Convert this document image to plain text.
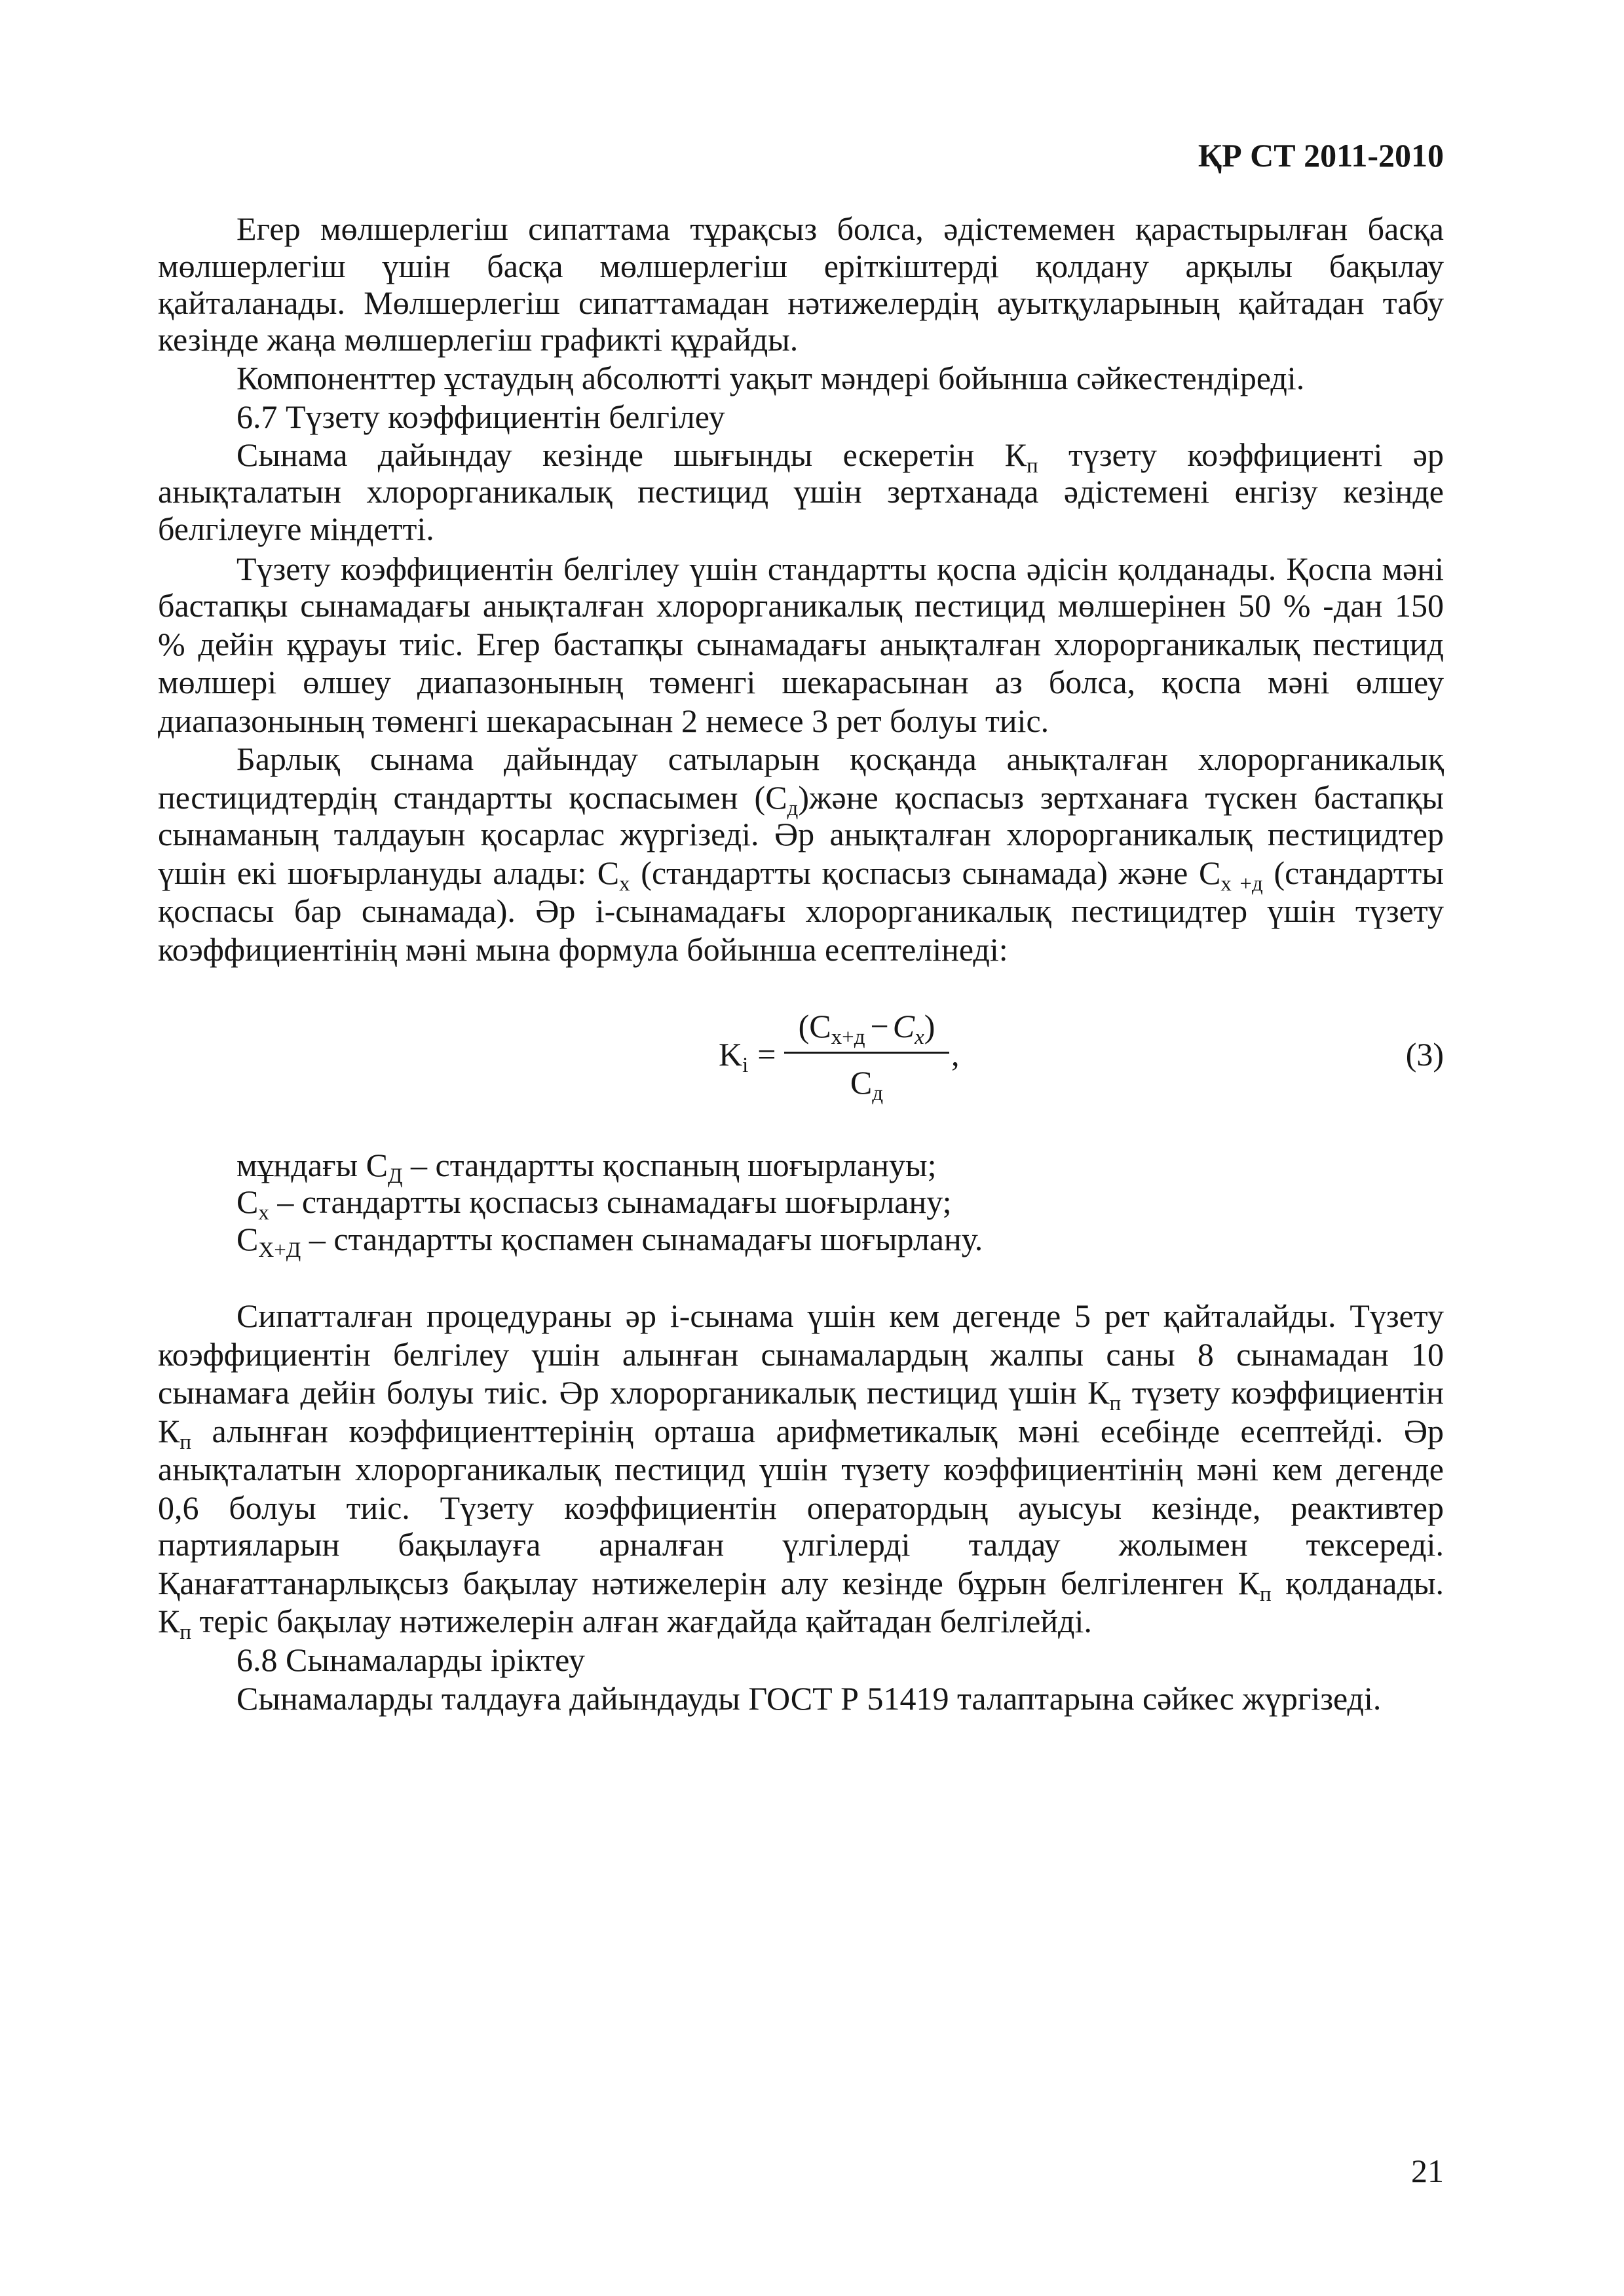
ҚР СТ 2011-2010
Егер мөлшерлегіш сипаттама тұрақсыз болса, әдістемемен қарастырылған басқа
мөлшерлегіш үшін басқа мөлшерлегіш еріткіштерді қолдану арқылы бақылау
қайталанады. Мөлшерлегіш сипаттамадан нәтижелердің ауытқуларының қайтадан табу
кезінде жаңа мөлшерлегіш графикті құрайды.
Компоненттер ұстаудың абсолютті уақыт мәндері бойынша сәйкестендіреді.
6.7 Түзету коэффициентін белгілеу
Сынама дайындау кезінде шығынды ескеретін $К_п$ түзету коэффициенті әр
анықталатын хлорорганикалық пестицид үшін зертханада әдістемені енгізу кезінде
белгілеуге міндетті.
Түзету коэффициентін белгілеу үшін стандартты қоспа әдісін қолданады. Қоспа мәні
бастапқы сынамадағы анықталған хлорорганикалық пестицид мөлшерінен 50 % -дан 150
% дейін құрауы тиіс. Егер бастапқы сынамадағы анықталған хлорорганикалық пестицид
мөлшері өлшеу диапазонының төменгі шекарасынан аз болса, қоспа мәні өлшеу
диапазонының төменгі шекарасынан 2 немесе 3 рет болуы тиіс.
Барлық сынама дайындау сатыларын қосқанда анықталған хлорорганикалық
пестицидтердің стандартты қоспасымен $(С_д)және$ қоспасыз зертханаға түскен бастапқы
сынаманың талдауын қосарлас жүргізеді. Әр анықталған хлорорганикалық пестицидтер
үшін екі шоғырлануды алады: $С_х$ (стандартты қоспасыз сынамада) және $С_{х +д}$ (стандартты
қоспасы бар сынамада). Әр і-сынамадағы хлорорганикалық пестицидтер үшін түзету
коэффициентінің мәні мына формула бойынша есептелінеді:
$K_i$ =
$(С_{х+д} - C_x)$
$С_д$
,	(3)
мұндағы $С_Д$ – стандартты қоспаның шоғырлануы;
$С_х$ – стандартты қоспасыз сынамадағы шоғырлану;
$С_{Х+Д}$ – стандартты қоспамен сынамадағы шоғырлану.
Сипатталған процедураны әр і-сынама үшін кем дегенде 5 рет қайталайды. Түзету
коэффициентін белгілеу үшін алынған сынамалардың жалпы саны 8 сынамадан 10
сынамаға дейін болуы тиіс. Әр хлорорганикалық пестицид үшін $К_п$ түзету коэффициентін
$К_п$ алынған коэффициенттерінің орташа арифметикалық мәні есебінде есептейді. Әр
анықталатын хлорорганикалық пестицид үшін түзету коэффициентінің мәні кем дегенде
0,6 болуы тиіс. Түзету коэффициентін оператордың ауысуы кезінде, реактивтер
партияларын бақылауға арналған үлгілерді талдау жолымен тексереді.
Қанағаттанарлықсыз бақылау нәтижелерін алу кезінде бұрын белгіленген $К_п$ қолданады.
$К_п$ теріс бақылау нәтижелерін алған жағдайда қайтадан белгілейді.
6.8 Сынамаларды іріктеу
Сынамаларды талдауға дайындауды ГОСТ Р 51419 талаптарына сәйкес жүргізеді.
21
